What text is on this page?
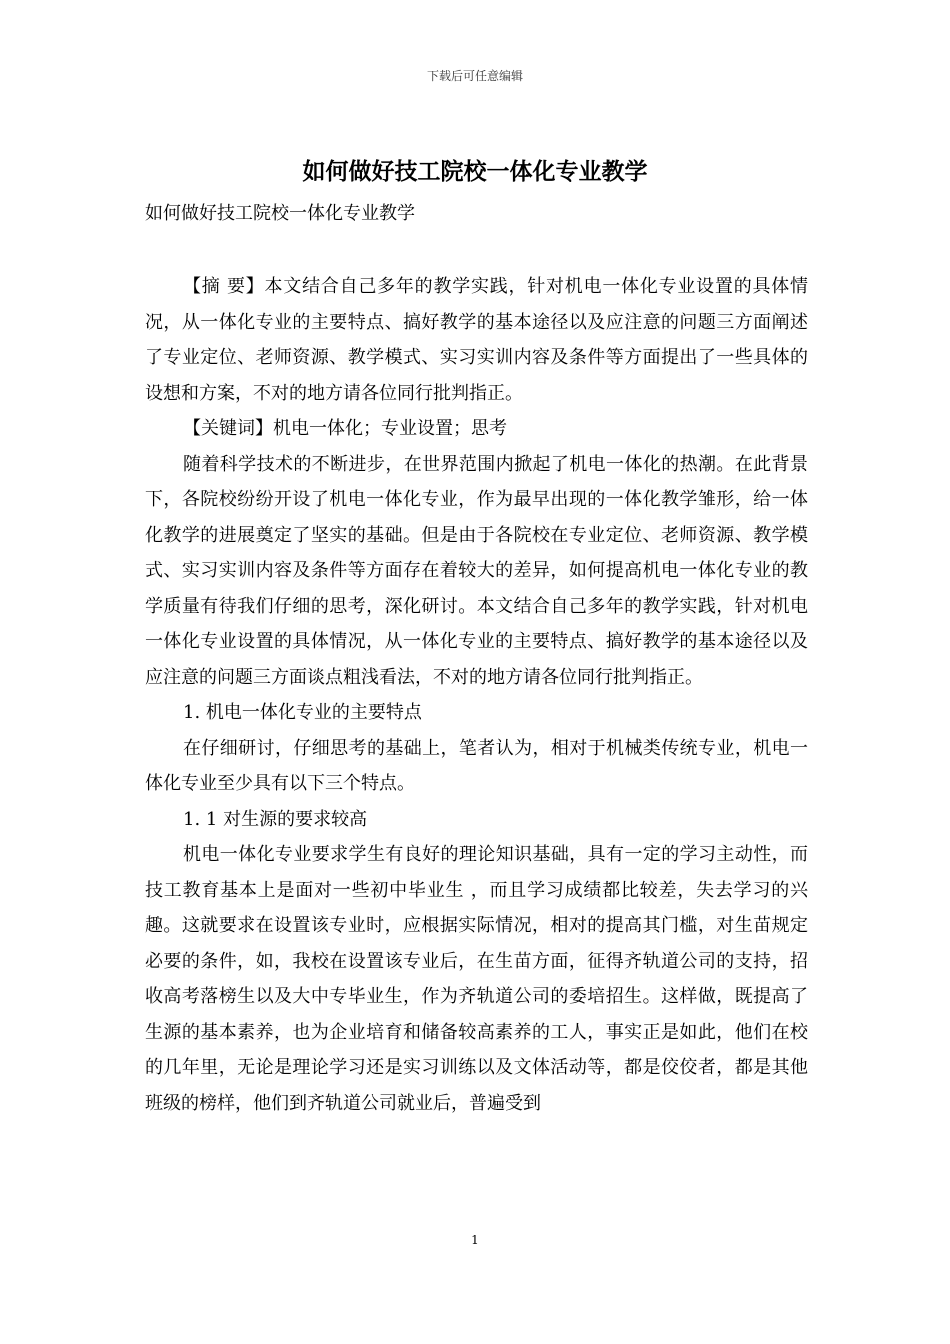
下载后可任意编辑
如何做好技工院校一体化专业教学

如何做好技工院校一体化专业教学

【摘 要】本文结合自己多年的教学实践，针对机电一体化专业设置的具体情况，从一体化专业的主要特点、搞好教学的基本途径以及应注意的问题三方面阐述了专业定位、老师资源、教学模式、实习实训内容及条件等方面提出了一些具体的设想和方案，不对的地方请各位同行批判指正。

【关键词】机电一体化；专业设置；思考

随着科学技术的不断进步，在世界范围内掀起了机电一体化的热潮。在此背景下，各院校纷纷开设了机电一体化专业，作为最早出现的一体化教学雏形，给一体化教学的进展奠定了坚实的基础。但是由于各院校在专业定位、老师资源、教学模式、实习实训内容及条件等方面存在着较大的差异，如何提高机电一体化专业的教学质量有待我们仔细的思考，深化研讨。本文结合自己多年的教学实践，针对机电一体化专业设置的具体情况，从一体化专业的主要特点、搞好教学的基本途径以及应注意的问题三方面谈点粗浅看法，不对的地方请各位同行批判指正。

1. 机电一体化专业的主要特点

在仔细研讨，仔细思考的基础上，笔者认为，相对于机械类传统专业，机电一体化专业至少具有以下三个特点。

1. 1 对生源的要求较高

机电一体化专业要求学生有良好的理论知识基础，具有一定的学习主动性，而技工教育基本上是面对一些初中毕业生 ，而且学习成绩都比较差，失去学习的兴趣。这就要求在设置该专业时，应根据实际情况，相对的提高其门槛，对生苗规定必要的条件，如，我校在设置该专业后，在生苗方面，征得齐轨道公司的支持，招收高考落榜生以及大中专毕业生，作为齐轨道公司的委培招生。这样做，既提高了生源的基本素养，也为企业培育和储备较高素养的工人，事实正是如此，他们在校的几年里，无论是理论学习还是实习训练以及文体活动等，都是佼佼者，都是其他班级的榜样，他们到齐轨道公司就业后，普遍受到

1
